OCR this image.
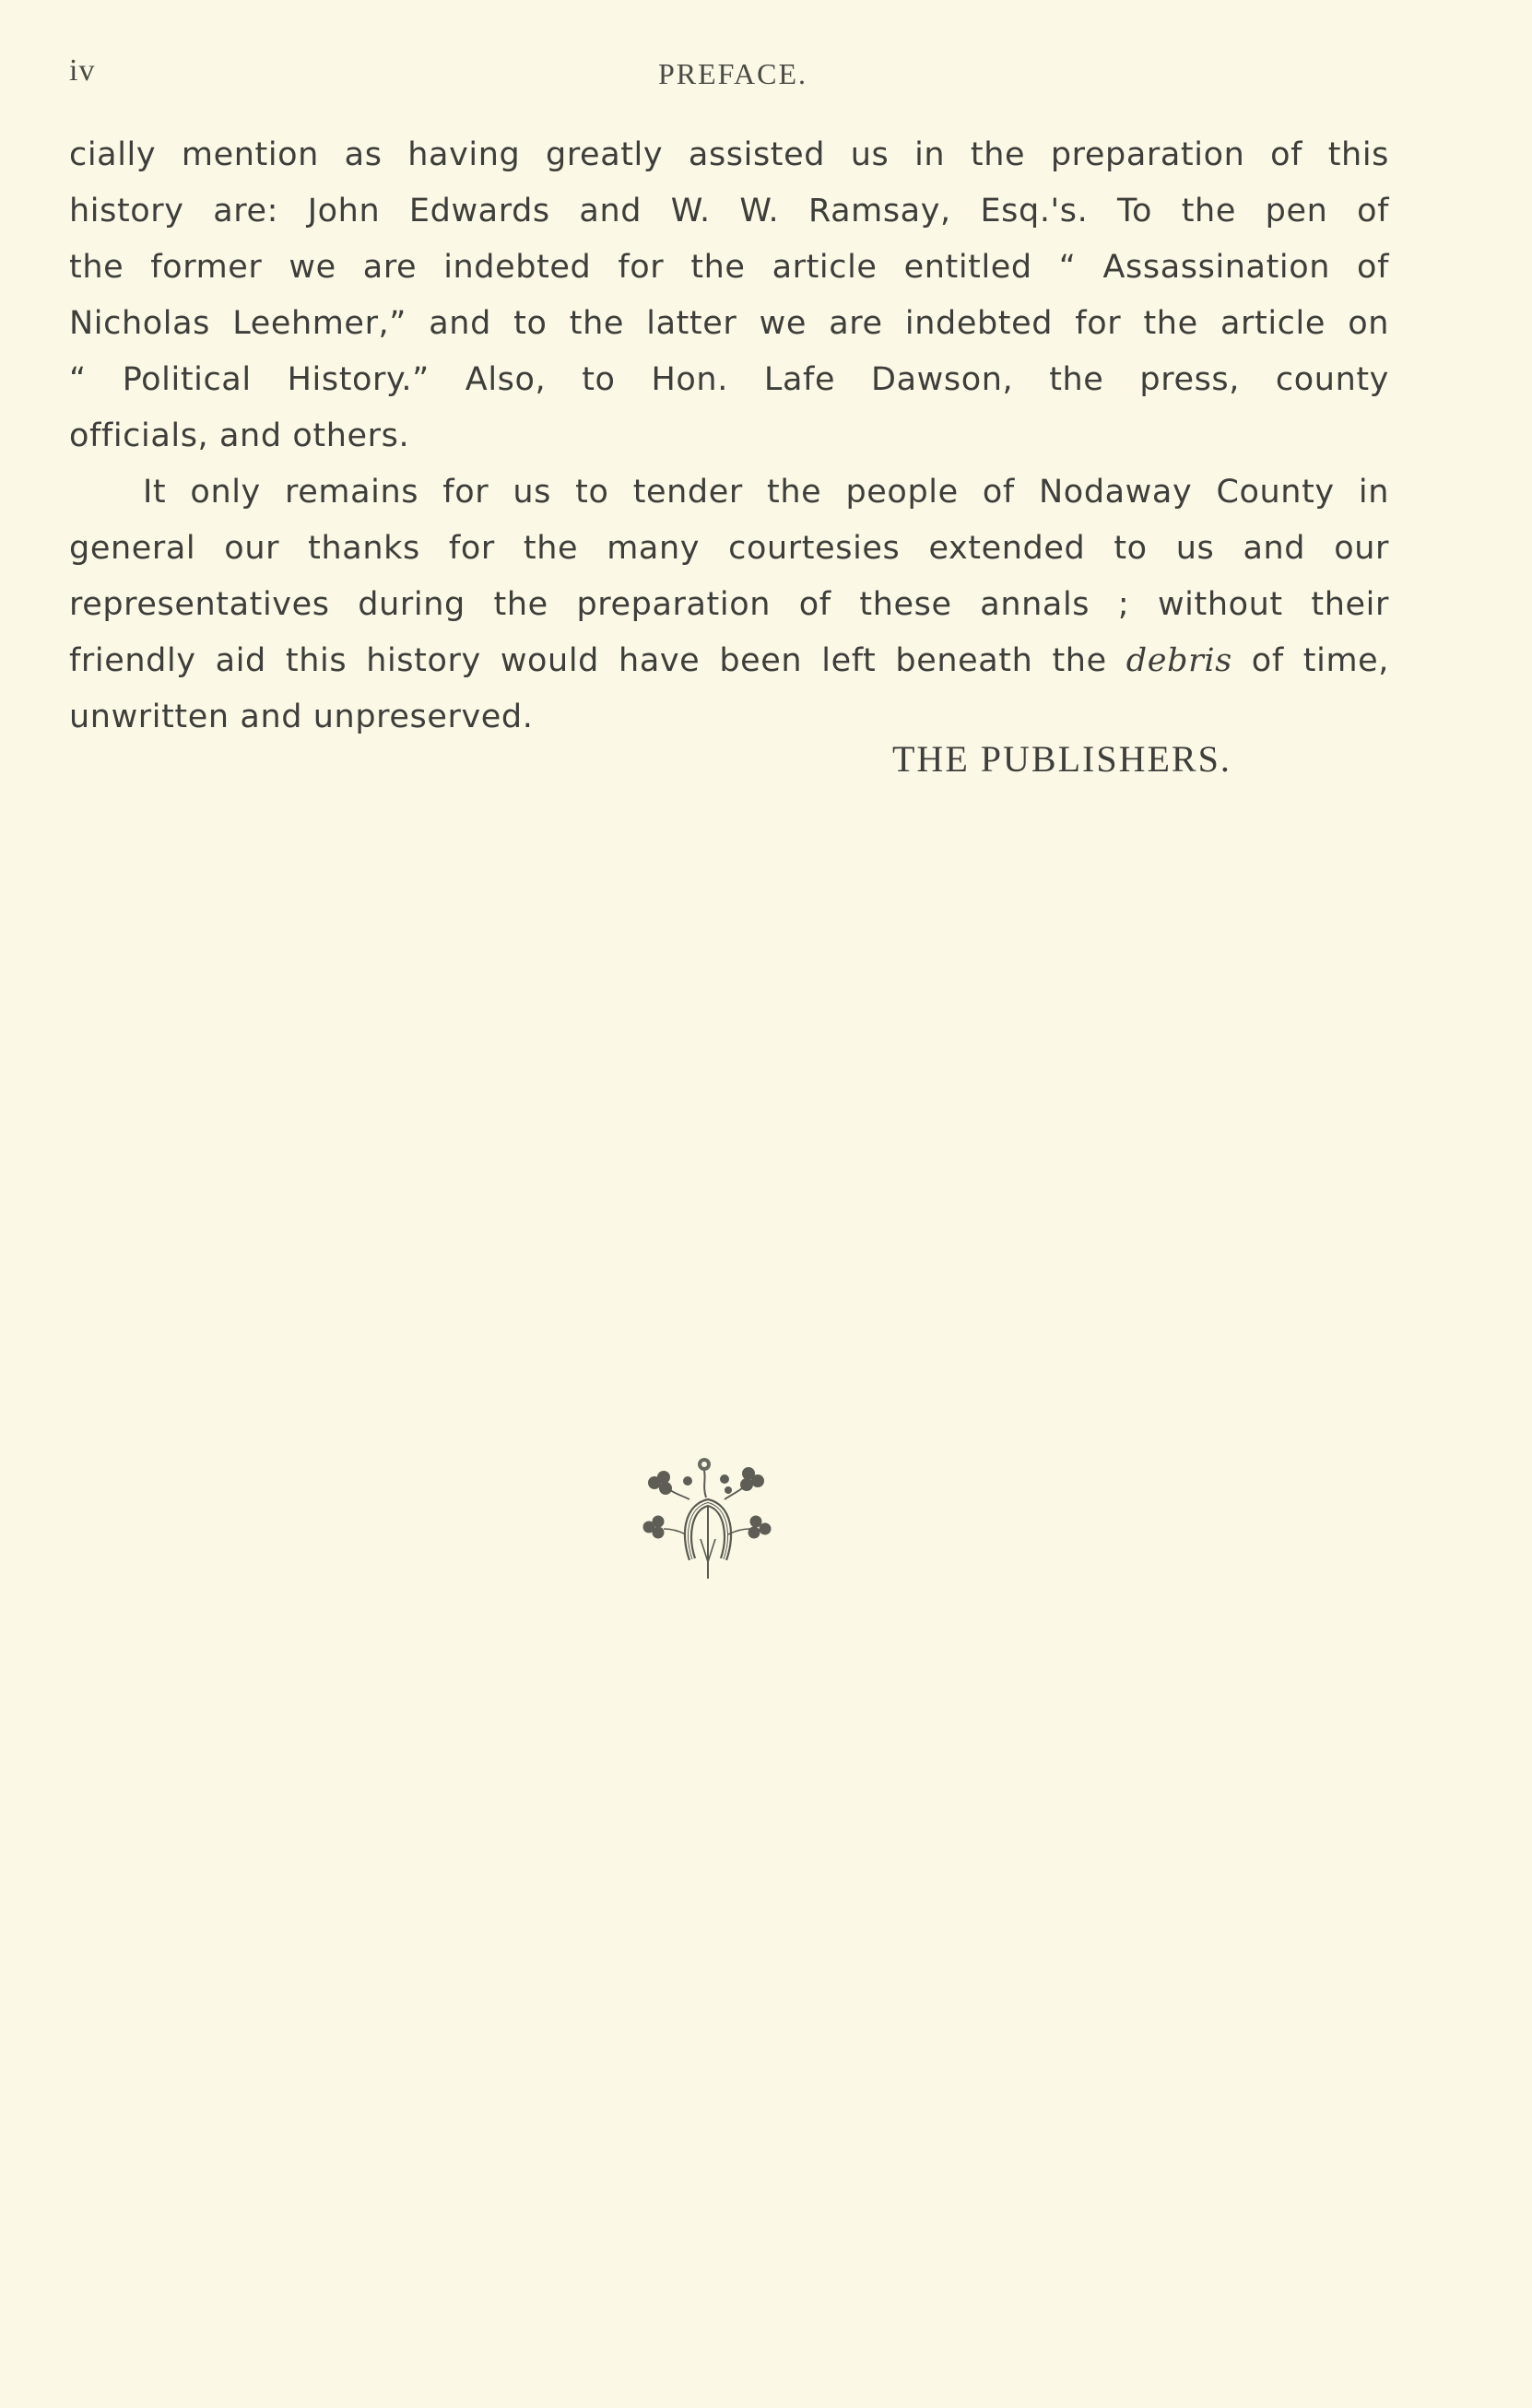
iv	PREFACE.
cially mention as having greatly assisted us in the preparation of this
history are: John Edwards and W. W. Ramsay, Esq.'s. To the pen of
the former we are indebted for the article entitled “ Assassination of
Nicholas Leehmer,” and to the latter we are indebted for the article on
“ Political History.” Also, to Hon. Lafe Dawson, the press, county
officials, and others.
It only remains for us to tender the people of Nodaway County in
general our thanks for the many courtesies extended to us and our
representatives during the preparation of these annals ; without their
friendly aid this history would have been left beneath the debris of time,
unwritten and unpreserved.
THE PUBLISHERS.
